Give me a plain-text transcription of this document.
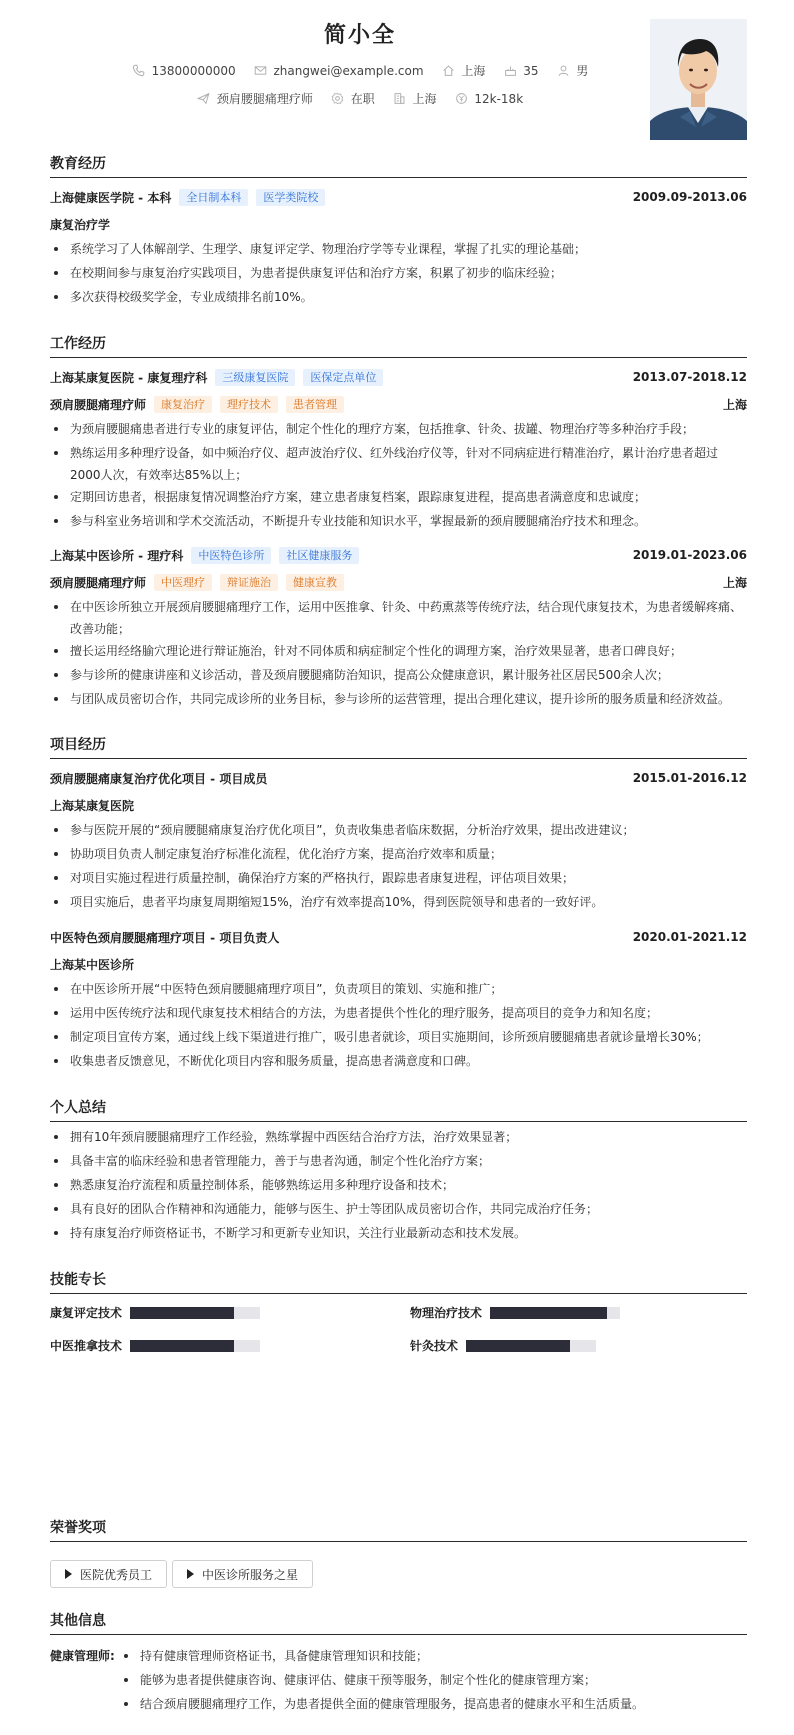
简小全
13800000000
	zhangwei@example.com
	上海
	35
	男
颈肩腰腿痛理疗师
	在职
	上海
	12k-18k
教育经历
上海健康医学院 - 本科	全日制本科	医学类院校	2009.09-2013.06
康复治疗学
系统学习了人体解剖学、生理学、康复评定学、物理治疗学等专业课程，掌握了扎实的理论基础；
在校期间参与康复治疗实践项目，为患者提供康复评估和治疗方案，积累了初步的临床经验；
多次获得校级奖学金，专业成绩排名前10%。
工作经历
上海某康复医院 - 康复理疗科	三级康复医院	医保定点单位	2013.07-2018.12
颈肩腰腿痛理疗师	康复治疗	理疗技术	患者管理	上海
为颈肩腰腿痛患者进行专业的康复评估，制定个性化的理疗方案，包括推拿、针灸、拔罐、物理治疗等多种治疗手段；
熟练运用多种理疗设备，如中频治疗仪、超声波治疗仪、红外线治疗仪等，针对不同病症进行精准治疗，累计治疗患者超过2000人次，有效率达85%以上；
定期回访患者，根据康复情况调整治疗方案，建立患者康复档案，跟踪康复进程，提高患者满意度和忠诚度；
参与科室业务培训和学术交流活动，不断提升专业技能和知识水平，掌握最新的颈肩腰腿痛治疗技术和理念。
上海某中医诊所 - 理疗科	中医特色诊所	社区健康服务	2019.01-2023.06
颈肩腰腿痛理疗师	中医理疗	辩证施治	健康宣教	上海
在中医诊所独立开展颈肩腰腿痛理疗工作，运用中医推拿、针灸、中药熏蒸等传统疗法，结合现代康复技术，为患者缓解疼痛、改善功能；
擅长运用经络腧穴理论进行辩证施治，针对不同体质和病症制定个性化的调理方案，治疗效果显著，患者口碑良好；
参与诊所的健康讲座和义诊活动，普及颈肩腰腿痛防治知识，提高公众健康意识，累计服务社区居民500余人次；
与团队成员密切合作，共同完成诊所的业务目标，参与诊所的运营管理，提出合理化建议，提升诊所的服务质量和经济效益。
项目经历
颈肩腰腿痛康复治疗优化项目 - 项目成员	2015.01-2016.12
上海某康复医院
参与医院开展的“颈肩腰腿痛康复治疗优化项目”，负责收集患者临床数据，分析治疗效果，提出改进建议；
协助项目负责人制定康复治疗标准化流程，优化治疗方案，提高治疗效率和质量；
对项目实施过程进行质量控制，确保治疗方案的严格执行，跟踪患者康复进程，评估项目效果；
项目实施后，患者平均康复周期缩短15%，治疗有效率提高10%，得到医院领导和患者的一致好评。
中医特色颈肩腰腿痛理疗项目 - 项目负责人	2020.01-2021.12
上海某中医诊所
在中医诊所开展“中医特色颈肩腰腿痛理疗项目”，负责项目的策划、实施和推广；
运用中医传统疗法和现代康复技术相结合的方法，为患者提供个性化的理疗服务，提高项目的竞争力和知名度；
制定项目宣传方案，通过线上线下渠道进行推广，吸引患者就诊，项目实施期间，诊所颈肩腰腿痛患者就诊量增长30%；
收集患者反馈意见，不断优化项目内容和服务质量，提高患者满意度和口碑。
个人总结
拥有10年颈肩腰腿痛理疗工作经验，熟练掌握中西医结合治疗方法，治疗效果显著；
具备丰富的临床经验和患者管理能力，善于与患者沟通，制定个性化治疗方案；
熟悉康复治疗流程和质量控制体系，能够熟练运用多种理疗设备和技术；
具有良好的团队合作精神和沟通能力，能够与医生、护士等团队成员密切合作，共同完成治疗任务；
持有康复治疗师资格证书，不断学习和更新专业知识，关注行业最新动态和技术发展。
技能专长
康复评定技术	物理治疗技术
中医推拿技术	针灸技术
荣誉奖项
医院优秀员工	中医诊所服务之星
其他信息
健康管理师:	持有健康管理师资格证书，具备健康管理知识和技能；
能够为患者提供健康咨询、健康评估、健康干预等服务，制定个性化的健康管理方案；
结合颈肩腰腿痛理疗工作，为患者提供全面的健康管理服务，提高患者的健康水平和生活质量。
